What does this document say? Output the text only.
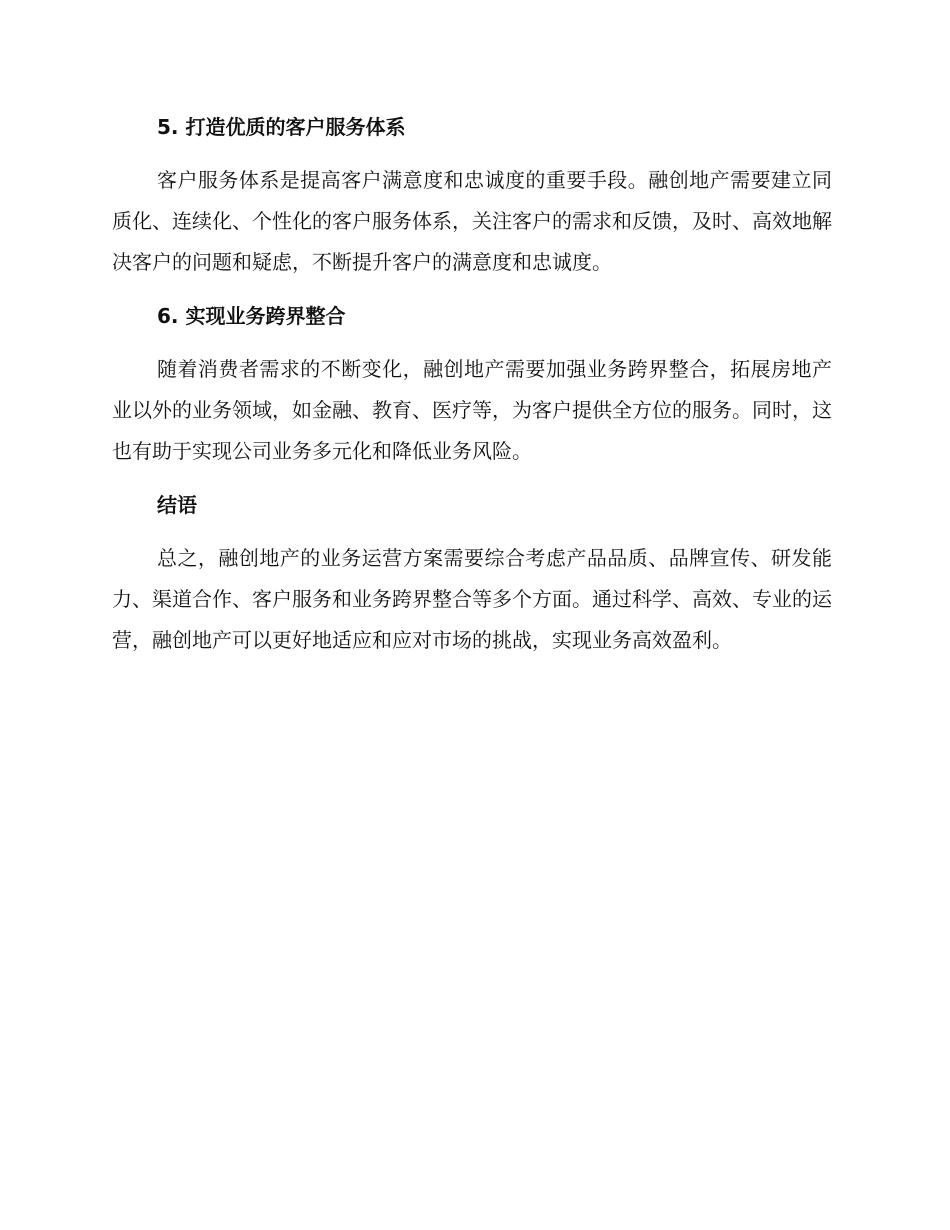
5. 打造优质的客户服务体系

客户服务体系是提高客户满意度和忠诚度的重要手段。融创地产需要建立同质化、连续化、个性化的客户服务体系，关注客户的需求和反馈，及时、高效地解决客户的问题和疑虑，不断提升客户的满意度和忠诚度。

6. 实现业务跨界整合

随着消费者需求的不断变化，融创地产需要加强业务跨界整合，拓展房地产业以外的业务领域，如金融、教育、医疗等，为客户提供全方位的服务。同时，这也有助于实现公司业务多元化和降低业务风险。

结语

总之，融创地产的业务运营方案需要综合考虑产品品质、品牌宣传、研发能力、渠道合作、客户服务和业务跨界整合等多个方面。通过科学、高效、专业的运营，融创地产可以更好地适应和应对市场的挑战，实现业务高效盈利。
